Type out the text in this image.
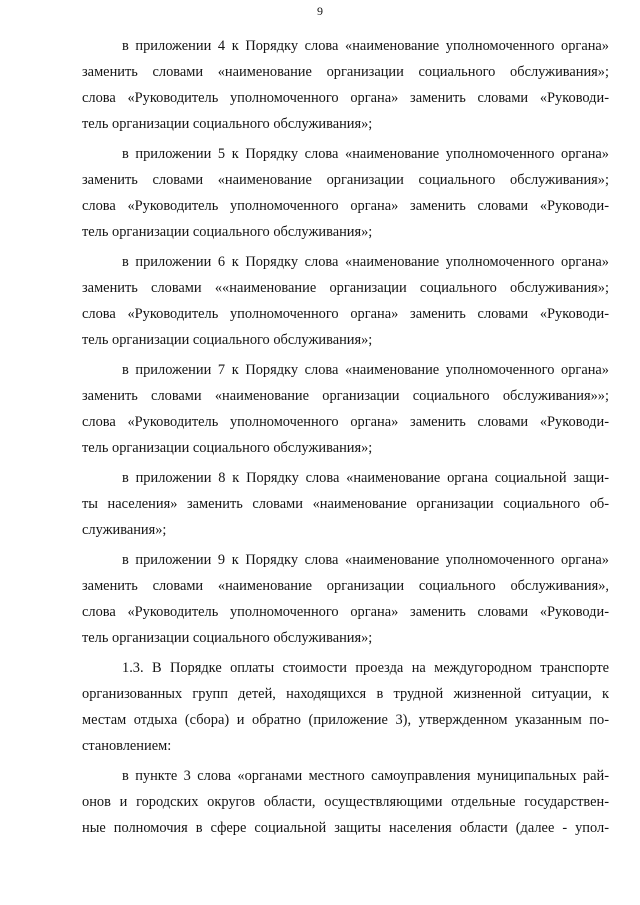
9
в приложении 4 к Порядку слова «наименование уполномоченного органа»
заменить словами «наименование организации социального обслуживания»;
слова «Руководитель уполномоченного органа» заменить словами «Руководи-
тель организации социального обслуживания»;
в приложении 5 к Порядку слова «наименование уполномоченного органа»
заменить словами «наименование организации социального обслуживания»;
слова «Руководитель уполномоченного органа» заменить словами «Руководи-
тель организации социального обслуживания»;
в приложении 6 к Порядку слова «наименование уполномоченного органа»
заменить словами ««наименование организации социального обслуживания»;
слова «Руководитель уполномоченного органа» заменить словами «Руководи-
тель организации социального обслуживания»;
в приложении 7 к Порядку слова «наименование уполномоченного органа»
заменить словами «наименование организации социального обслуживания»»;
слова «Руководитель уполномоченного органа» заменить словами «Руководи-
тель организации социального обслуживания»;
в приложении 8 к Порядку слова «наименование органа социальной защи-
ты населения» заменить словами «наименование организации социального об-
служивания»;
в приложении 9 к Порядку слова «наименование уполномоченного органа»
заменить словами «наименование организации социального обслуживания»,
слова «Руководитель уполномоченного органа» заменить словами «Руководи-
тель организации социального обслуживания»;
1.3. В Порядке оплаты стоимости проезда на междугородном транспорте
организованных групп детей, находящихся в трудной жизненной ситуации, к
местам отдыха (сбора) и обратно (приложение 3), утвержденном указанным по-
становлением:
в пункте 3 слова «органами местного самоуправления муниципальных рай-
онов и городских округов области, осуществляющими отдельные государствен-
ные полномочия в сфере социальной защиты населения области (далее - упол-
